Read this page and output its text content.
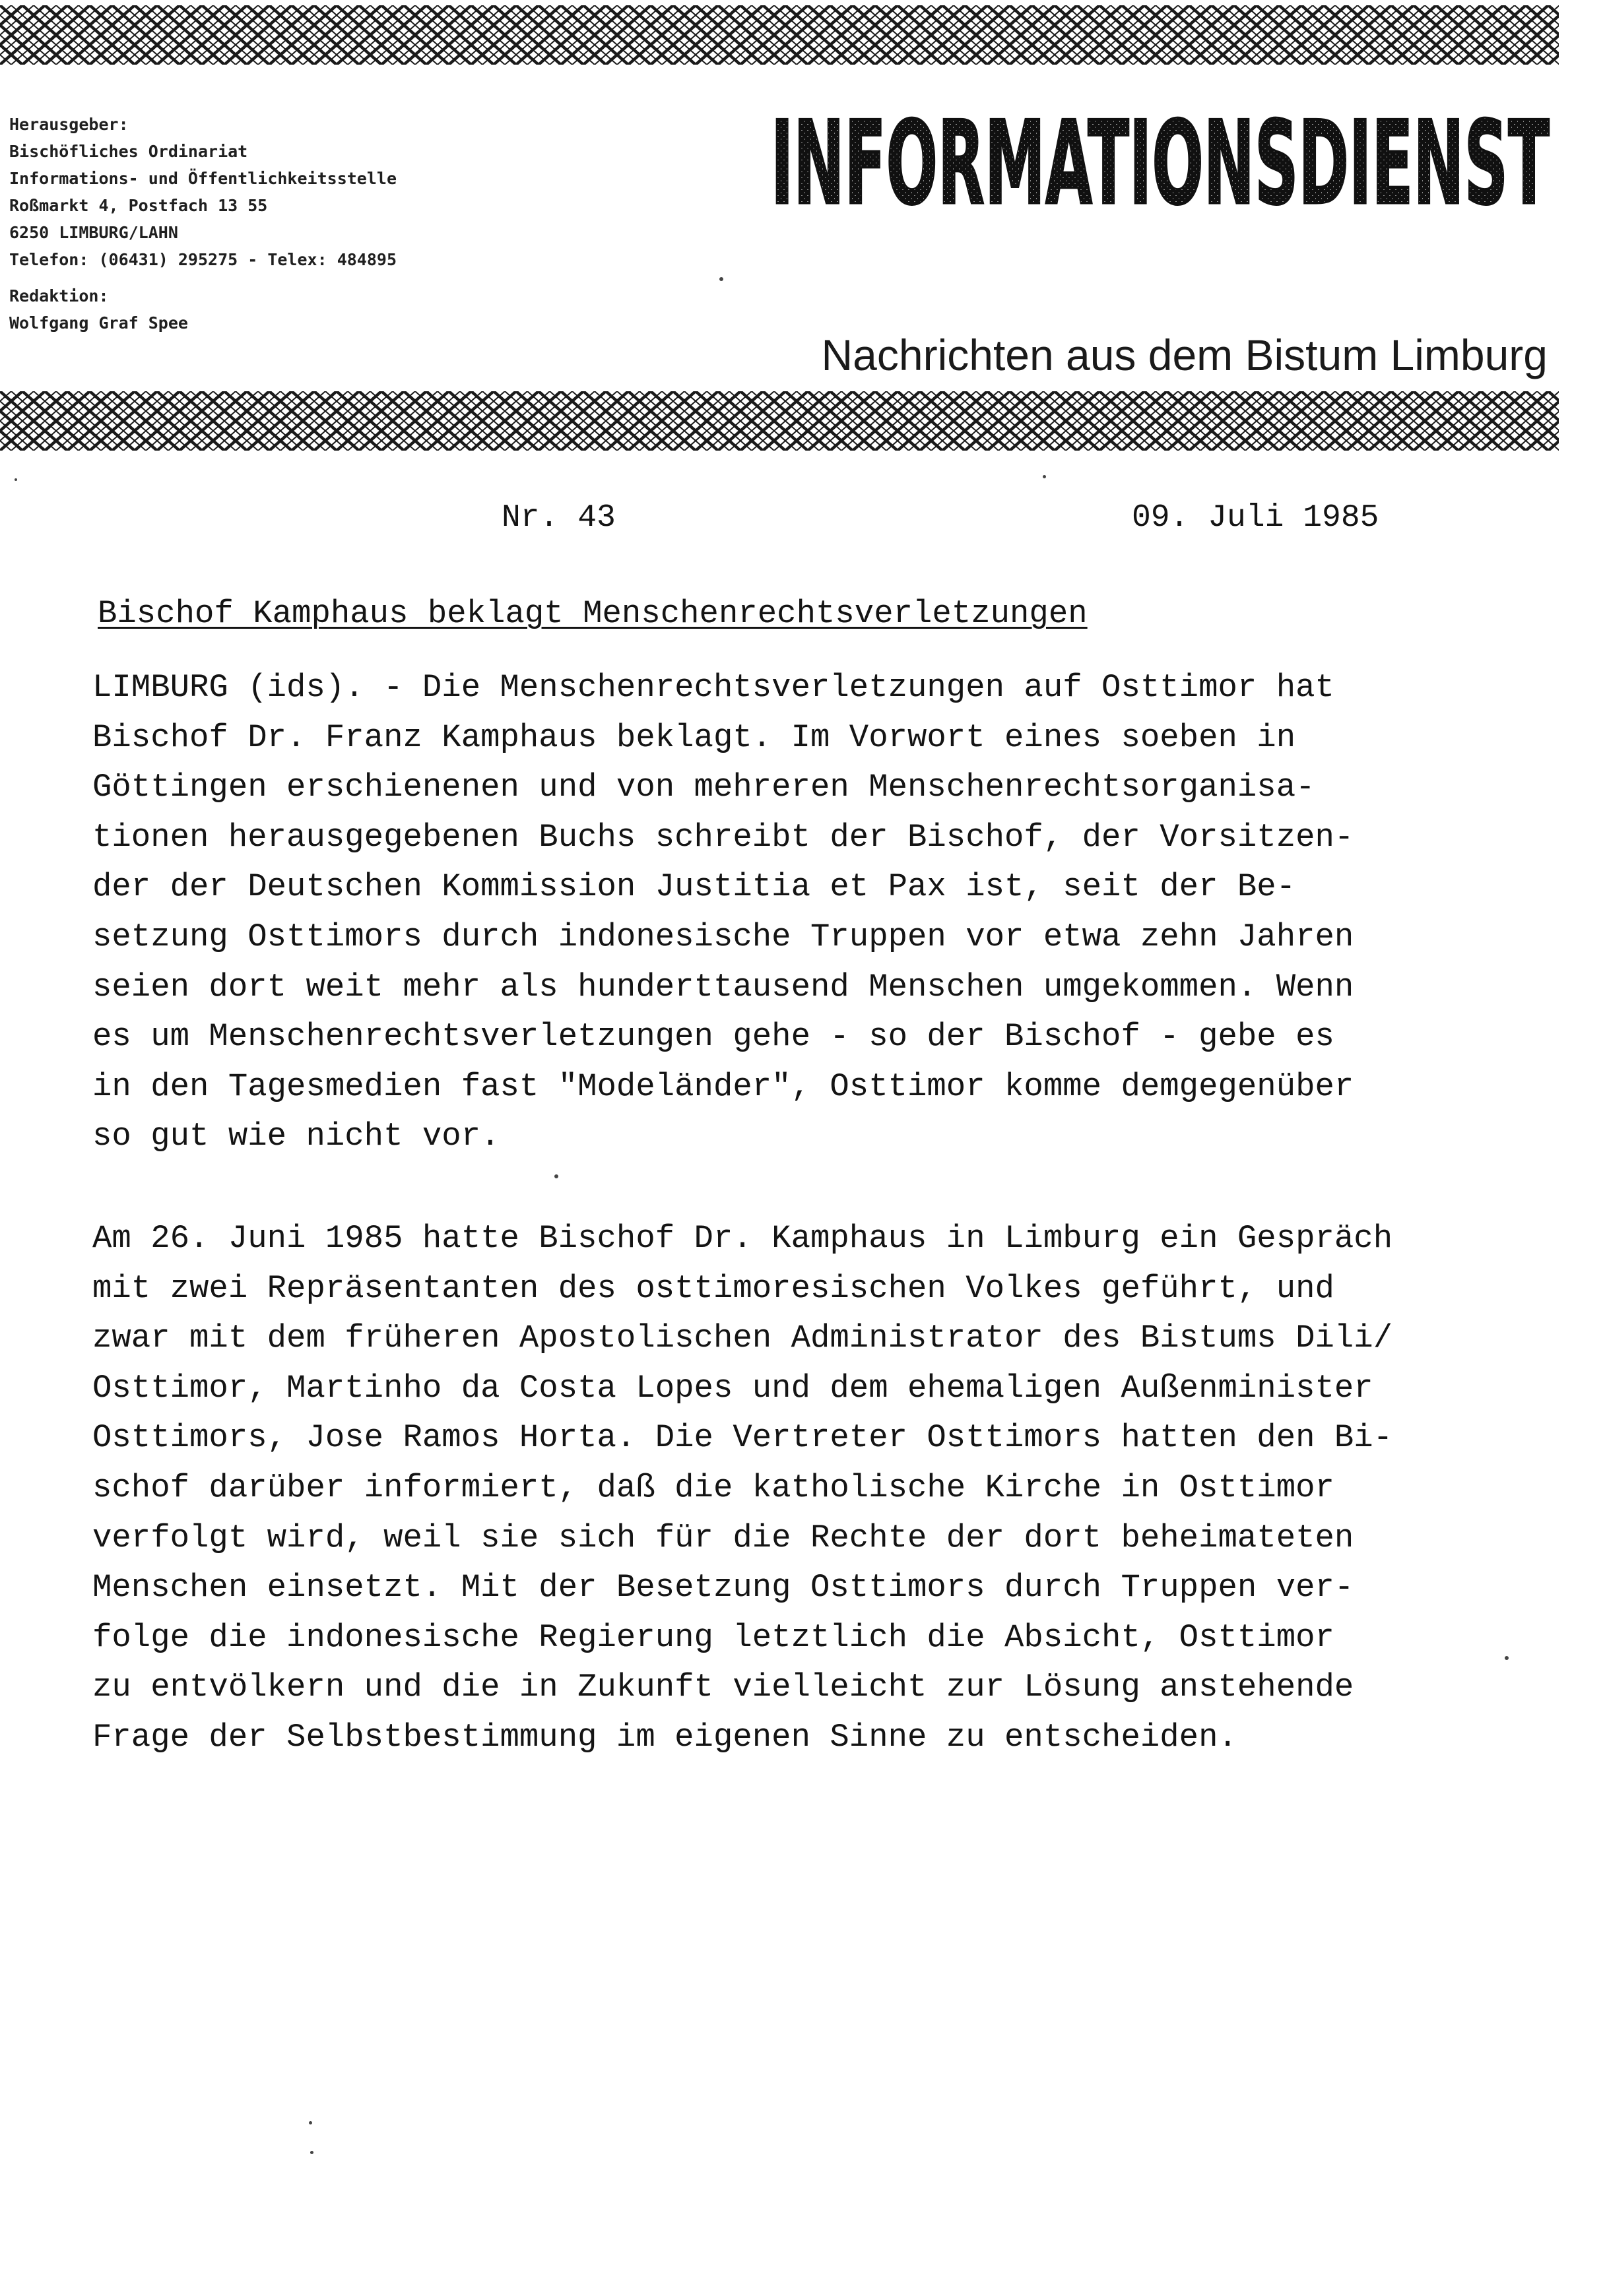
Herausgeber:
Bischöfliches Ordinariat
Informations- und Öffentlichkeitsstelle
Roßmarkt 4, Postfach 13 55
6250 LIMBURG/LAHN
Telefon: (06431) 295275 - Telex: 484895
Redaktion:
Wolfgang Graf Spee
INFORMATIONSDIENST
Nachrichten aus dem Bistum Limburg
Nr. 43	09. Juli 1985
Bischof Kamphaus beklagt Menschenrechtsverletzungen
LIMBURG (ids). - Die Menschenrechtsverletzungen auf Osttimor hat
Bischof Dr. Franz Kamphaus beklagt. Im Vorwort eines soeben in
Göttingen erschienenen und von mehreren Menschenrechtsorganisa-
tionen herausgegebenen Buchs schreibt der Bischof, der Vorsitzen-
der der Deutschen Kommission Justitia et Pax ist, seit der Be-
setzung Osttimors durch indonesische Truppen vor etwa zehn Jahren
seien dort weit mehr als hunderttausend Menschen umgekommen. Wenn
es um Menschenrechtsverletzungen gehe - so der Bischof - gebe es
in den Tagesmedien fast "Modeländer", Osttimor komme demgegenüber
so gut wie nicht vor.
Am 26. Juni 1985 hatte Bischof Dr. Kamphaus in Limburg ein Gespräch
mit zwei Repräsentanten des osttimoresischen Volkes geführt, und
zwar mit dem früheren Apostolischen Administrator des Bistums Dili/
Osttimor, Martinho da Costa Lopes und dem ehemaligen Außenminister
Osttimors, Jose Ramos Horta. Die Vertreter Osttimors hatten den Bi-
schof darüber informiert, daß die katholische Kirche in Osttimor
verfolgt wird, weil sie sich für die Rechte der dort beheimateten
Menschen einsetzt. Mit der Besetzung Osttimors durch Truppen ver-
folge die indonesische Regierung letztlich die Absicht, Osttimor
zu entvölkern und die in Zukunft vielleicht zur Lösung anstehende
Frage der Selbstbestimmung im eigenen Sinne zu entscheiden.
